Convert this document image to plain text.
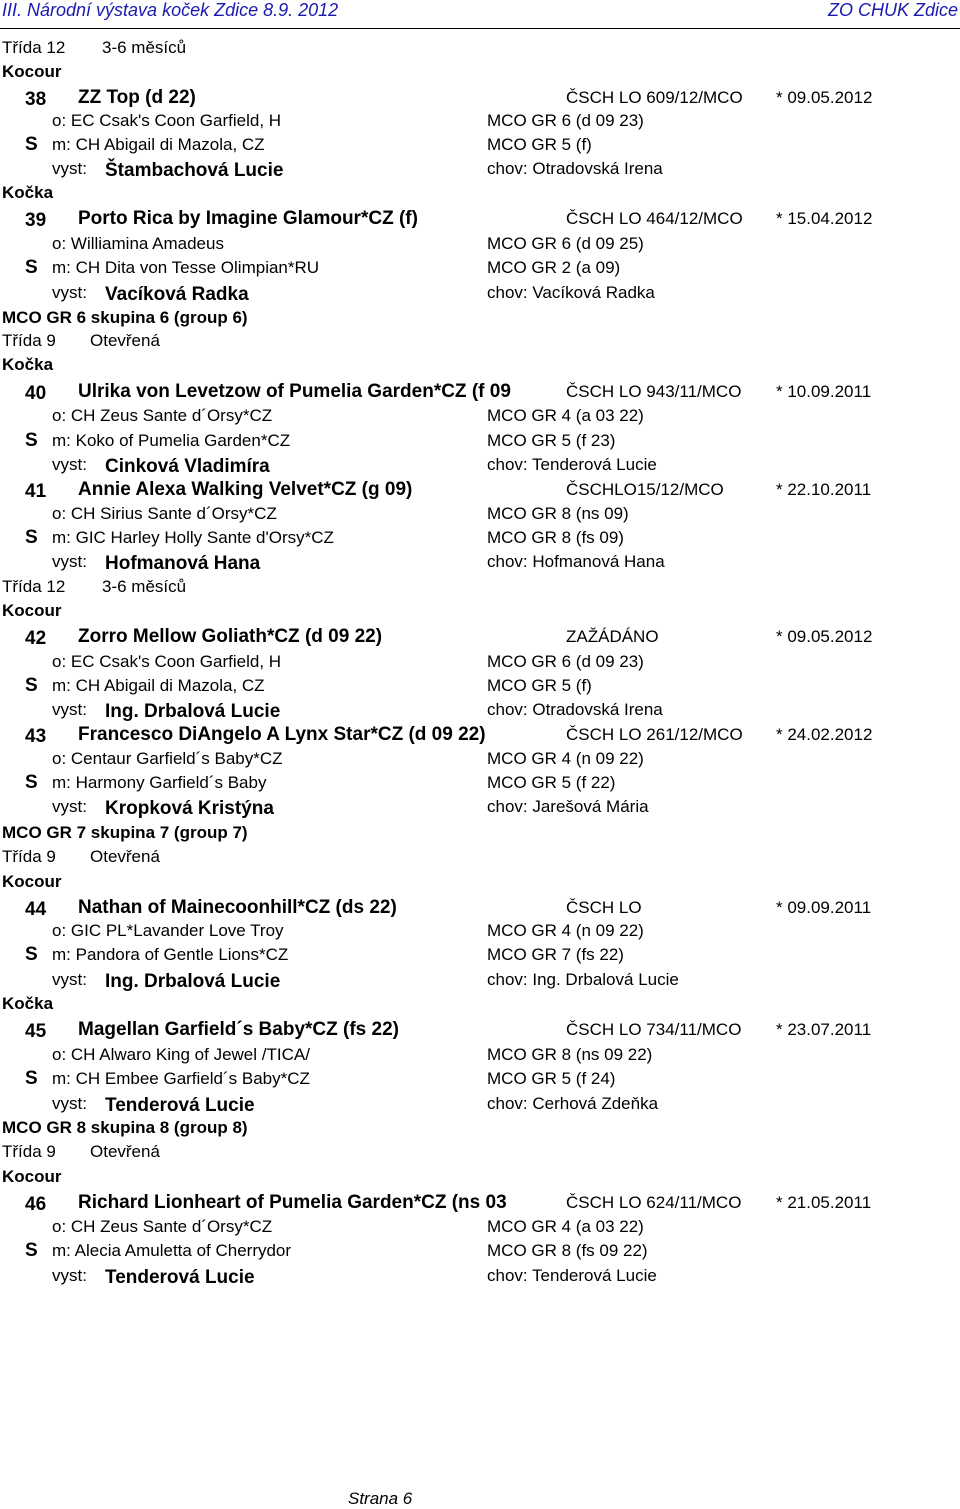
III. Národní výstava koček Zdice 8.9. 2012	ZO CHUK Zdice
Třída 12 3-6 měsíců
Kocour
38 ZZ Top (d 22)	ČSCH LO 609/12/MCO * 09.05.2012
o: EC Csak's Coon Garfield, H	MCO GR 6 (d 09 23)
S m: CH Abigail di Mazola, CZ	MCO GR 5 (f)
vyst: Štambachová Lucie	chov: Otradovská Irena
Kočka
39 Porto Rica by Imagine Glamour*CZ (f)	ČSCH LO 464/12/MCO * 15.04.2012
o: Williamina Amadeus	MCO GR 6 (d 09 25)
S m: CH Dita von Tesse Olimpian*RU	MCO GR 2 (a 09)
vyst: Vacíková Radka	chov: Vacíková Radka
MCO GR 6 skupina 6 (group 6)
Třída 9 Otevřená
Kočka
40 Ulrika von Levetzow of Pumelia Garden*CZ (f 09	ČSCH LO 943/11/MCO * 10.09.2011
o: CH Zeus Sante d´Orsy*CZ	MCO GR 4 (a 03 22)
S m: Koko of Pumelia Garden*CZ	MCO GR 5 (f 23)
vyst: Cinková Vladimíra	chov: Tenderová Lucie
41 Annie Alexa Walking Velvet*CZ (g 09)	ČSCHLO15/12/MCO	* 22.10.2011
o: CH Sirius Sante d´Orsy*CZ	MCO GR 8 (ns 09)
S m: GIC Harley Holly Sante d'Orsy*CZ	MCO GR 8 (fs 09)
vyst: Hofmanová Hana	chov: Hofmanová Hana
Třída 12 3-6 měsíců
Kocour
42 Zorro Mellow Goliath*CZ (d 09 22)	ZAŽÁDÁNO	* 09.05.2012
o: EC Csak's Coon Garfield, H	MCO GR 6 (d 09 23)
S m: CH Abigail di Mazola, CZ	MCO GR 5 (f)
vyst: Ing. Drbalová Lucie	chov: Otradovská Irena
43 Francesco DiAngelo A Lynx Star*CZ (d 09 22)	ČSCH LO 261/12/MCO * 24.02.2012
o: Centaur Garfield´s Baby*CZ	MCO GR 4 (n 09 22)
S m: Harmony Garfield´s Baby	MCO GR 5 (f 22)
vyst: Kropková Kristýna	chov: Jarešová Mária
MCO GR 7 skupina 7 (group 7)
Třída 9 Otevřená
Kocour
44 Nathan of Mainecoonhill*CZ (ds 22)	ČSCH LO	* 09.09.2011
o: GIC PL*Lavander Love Troy	MCO GR 4 (n 09 22)
S m: Pandora of Gentle Lions*CZ	MCO GR 7 (fs 22)
vyst: Ing. Drbalová Lucie	chov: Ing. Drbalová Lucie
Kočka
45 Magellan Garfield´s Baby*CZ (fs 22)	ČSCH LO 734/11/MCO * 23.07.2011
o: CH Alwaro King of Jewel /TICA/	MCO GR 8 (ns 09 22)
S m: CH Embee Garfield´s Baby*CZ	MCO GR 5 (f 24)
vyst: Tenderová Lucie	chov: Cerhová Zdeňka
MCO GR 8 skupina 8 (group 8)
Třída 9 Otevřená
Kocour
46 Richard Lionheart of Pumelia Garden*CZ (ns 03	ČSCH LO 624/11/MCO * 21.05.2011
o: CH Zeus Sante d´Orsy*CZ	MCO GR 4 (a 03 22)
S m: Alecia Amuletta of Cherrydor	MCO GR 8 (fs 09 22)
vyst: Tenderová Lucie	chov: Tenderová Lucie
Strana 6
